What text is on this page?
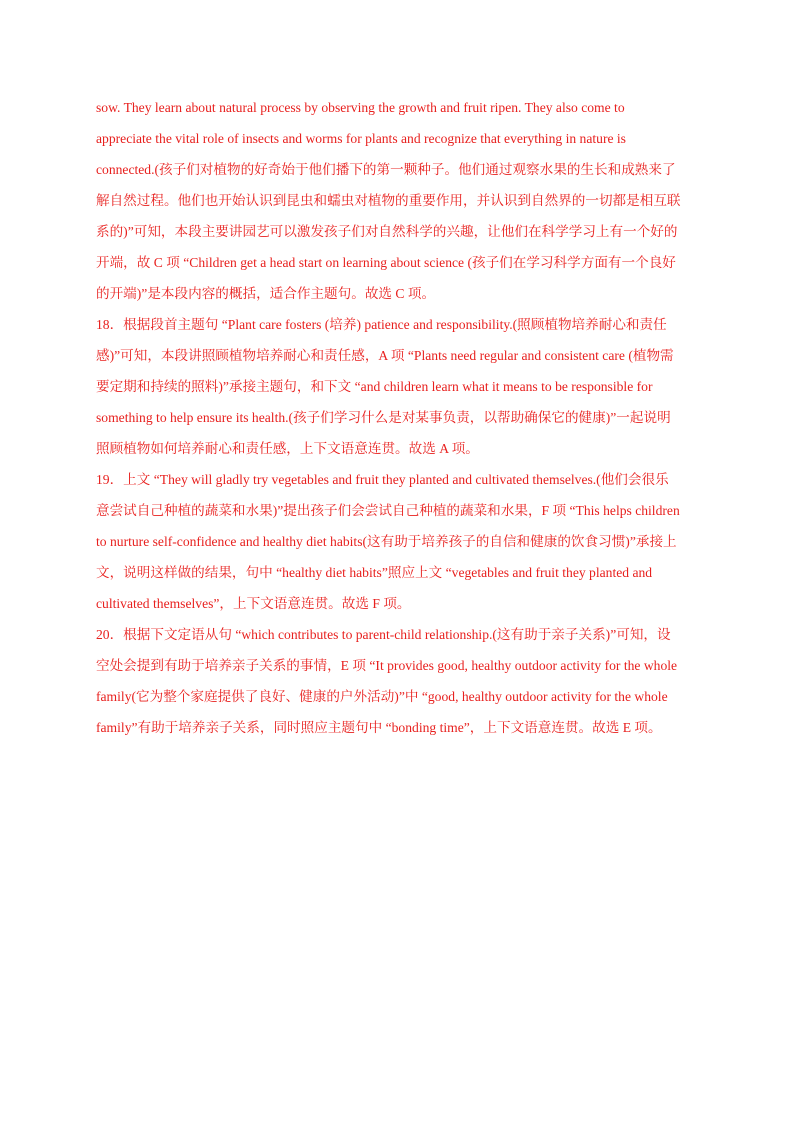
sow. They learn about natural process by observing the growth and fruit ripen. They also come to
appreciate the vital role of insects and worms for plants and recognize that everything in nature is
connected.(孩子们对植物的好奇始于他们播下的第一颗种子。他们通过观察水果的生长和成熟来了
解自然过程。他们也开始认识到昆虫和蠕虫对植物的重要作用，并认识到自然界的一切都是相互联
系的)”可知，本段主要讲园艺可以激发孩子们对自然科学的兴趣，让他们在科学学习上有一个好的
开端，故 C 项 “Children get a head start on learning about science (孩子们在学习科学方面有一个良好
的开端)”是本段内容的概括，适合作主题句。故选 C 项。
18．根据段首主题句 “Plant care fosters (培养) patience and responsibility.(照顾植物培养耐心和责任
感)”可知，本段讲照顾植物培养耐心和责任感，A 项 “Plants need regular and consistent care (植物需
要定期和持续的照料)”承接主题句，和下文 “and children learn what it means to be responsible for
something to help ensure its health.(孩子们学习什么是对某事负责，以帮助确保它的健康)”一起说明
照顾植物如何培养耐心和责任感，上下文语意连贯。故选 A 项。
19．上文 “They will gladly try vegetables and fruit they planted and cultivated themselves.(他们会很乐
意尝试自己种植的蔬菜和水果)”提出孩子们会尝试自己种植的蔬菜和水果，F 项 “This helps children
to nurture self-confidence and healthy diet habits(这有助于培养孩子的自信和健康的饮食习惯)”承接上
文，说明这样做的结果，句中 “healthy diet habits”照应上文 “vegetables and fruit they planted and
cultivated themselves”，上下文语意连贯。故选 F 项。
20．根据下文定语从句 “which contributes to parent-child relationship.(这有助于亲子关系)”可知，设
空处会提到有助于培养亲子关系的事情，E 项 “It provides good, healthy outdoor activity for the whole
family(它为整个家庭提供了良好、健康的户外活动)”中 “good, healthy outdoor activity for the whole
family”有助于培养亲子关系，同时照应主题句中 “bonding time”，上下文语意连贯。故选 E 项。
